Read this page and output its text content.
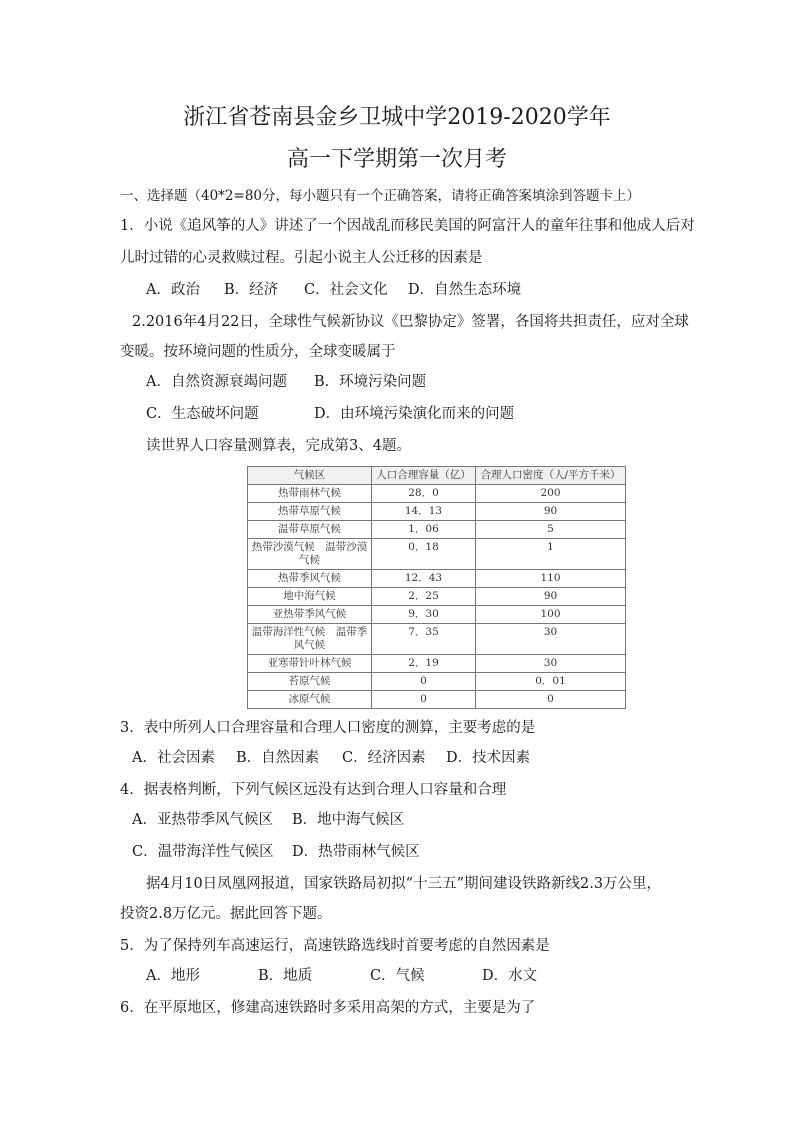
浙江省苍南县金乡卫城中学2019-2020学年
高一下学期第一次月考
一、选择题（40*2=80分，每小题只有一个正确答案，请将正确答案填涂到答题卡上）
1．小说《追风筝的人》讲述了一个因战乱而移民美国的阿富汗人的童年往事和他成人后对
儿时过错的心灵救赎过程。引起小说主人公迁移的因素是
A．政治 B．经济 C．社会文化 D．自然生态环境
2.2016年4月22日，全球性气候新协议《巴黎协定》签署，各国将共担责任，应对全球
变暖。按环境问题的性质分，全球变暖属于
A．自然资源衰竭问题 B．环境污染问题
C．生态破坏问题	D．由环境污染演化而来的问题
读世界人口容量测算表，完成第3、4题。
气候区	人口合理容量（亿）	合理人口密度（人/平方千米）
热带雨林气候	28．0	200
热带草原气候	14．13	90
温带草原气候	1．06	5
热带沙漠气候　温带沙漠气候	0．18	1
热带季风气候	12．43	110
地中海气候	2．25	90
亚热带季风气候	9．30	100
温带海洋性气候　温带季风气候	7．35	30
亚寒带针叶林气候	2．19	30
苔原气候	0	0．01
冰原气候	0	0
3．表中所列人口合理容量和合理人口密度的测算，主要考虑的是
A．社会因素 B．自然因素 C．经济因素 D．技术因素
4．据表格判断，下列气候区远没有达到合理人口容量和合理
A．亚热带季风气候区 B．地中海气候区
C．温带海洋性气候区 D．热带雨林气候区
据4月10日凤凰网报道，国家铁路局初拟“十三五”期间建设铁路新线2.3万公里，
投资2.8万亿元。据此回答下题。
5．为了保持列车高速运行，高速铁路选线时首要考虑的自然因素是
A．地形	B．地质	C．气候	D．水文
6．在平原地区，修建高速铁路时多采用高架的方式，主要是为了
